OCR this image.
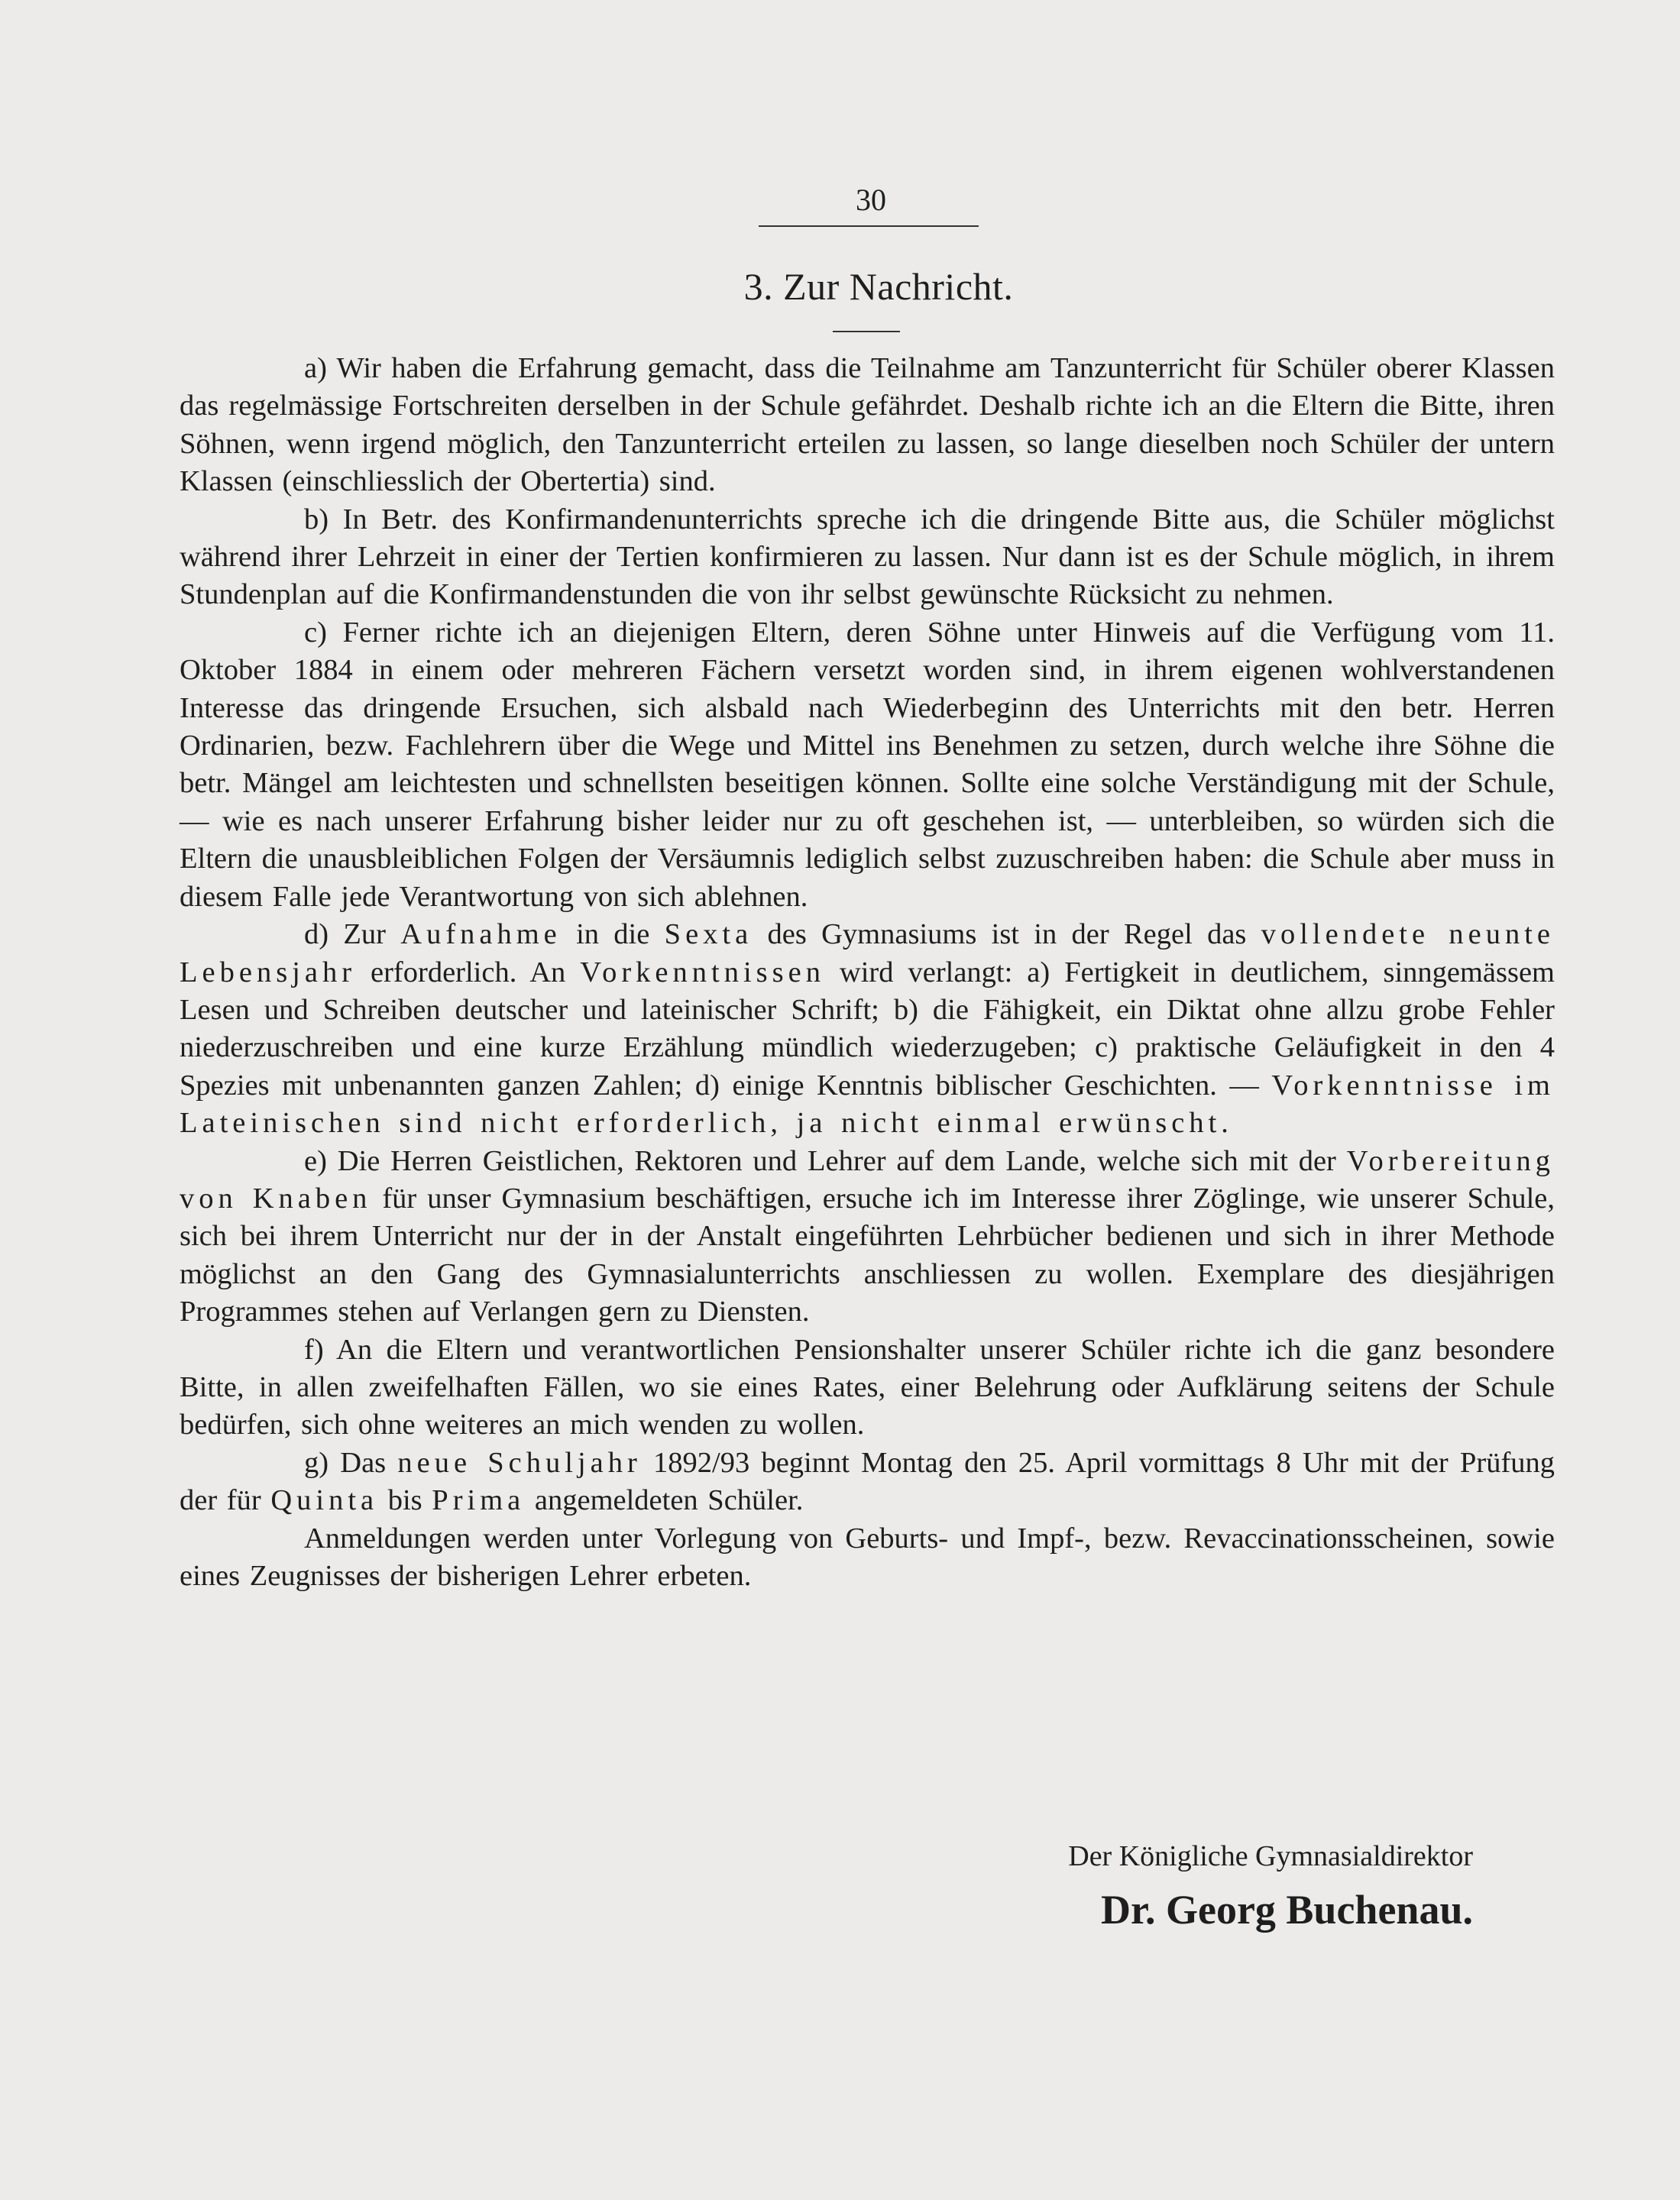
30
3. Zur Nachricht.

a) Wir haben die Erfahrung gemacht, dass die Teilnahme am Tanzunterricht für Schüler oberer Klassen das regelmässige Fortschreiten derselben in der Schule gefährdet. Deshalb richte ich an die Eltern die Bitte, ihren Söhnen, wenn irgend möglich, den Tanzunterricht erteilen zu lassen, so lange dieselben noch Schüler der untern Klassen (einschliesslich der Obertertia) sind.

b) In Betr. des Konfirmandenunterrichts spreche ich die dringende Bitte aus, die Schüler möglichst während ihrer Lehrzeit in einer der Tertien konfirmieren zu lassen. Nur dann ist es der Schule möglich, in ihrem Stundenplan auf die Konfirmandenstunden die von ihr selbst gewünschte Rücksicht zu nehmen.

c) Ferner richte ich an diejenigen Eltern, deren Söhne unter Hinweis auf die Verfügung vom 11. Oktober 1884 in einem oder mehreren Fächern versetzt worden sind, in ihrem eigenen wohlverstandenen Interesse das dringende Ersuchen, sich alsbald nach Wiederbeginn des Unterrichts mit den betr. Herren Ordinarien, bezw. Fachlehrern über die Wege und Mittel ins Benehmen zu setzen, durch welche ihre Söhne die betr. Mängel am leichtesten und schnellsten beseitigen können. Sollte eine solche Verständigung mit der Schule, — wie es nach unserer Erfahrung bisher leider nur zu oft geschehen ist, — unterbleiben, so würden sich die Eltern die unausbleiblichen Folgen der Versäumnis lediglich selbst zuzuschreiben haben: die Schule aber muss in diesem Falle jede Verantwortung von sich ablehnen.

d) Zur Aufnahme in die Sexta des Gymnasiums ist in der Regel das vollendete neunte Lebensjahr erforderlich. An Vorkenntnissen wird verlangt: a) Fertigkeit in deutlichem, sinngemässem Lesen und Schreiben deutscher und lateinischer Schrift; b) die Fähigkeit, ein Diktat ohne allzu grobe Fehler niederzuschreiben und eine kurze Erzählung mündlich wiederzugeben; c) praktische Geläufigkeit in den 4 Spezies mit unbenannten ganzen Zahlen; d) einige Kenntnis biblischer Geschichten. — Vorkenntnisse im Lateinischen sind nicht erforderlich, ja nicht einmal erwünscht.

e) Die Herren Geistlichen, Rektoren und Lehrer auf dem Lande, welche sich mit der Vorbereitung von Knaben für unser Gymnasium beschäftigen, ersuche ich im Interesse ihrer Zöglinge, wie unserer Schule, sich bei ihrem Unterricht nur der in der Anstalt eingeführten Lehrbücher bedienen und sich in ihrer Methode möglichst an den Gang des Gymnasialunterrichts anschliessen zu wollen. Exemplare des diesjährigen Programmes stehen auf Verlangen gern zu Diensten.

f) An die Eltern und verantwortlichen Pensionshalter unserer Schüler richte ich die ganz besondere Bitte, in allen zweifelhaften Fällen, wo sie eines Rates, einer Belehrung oder Aufklärung seitens der Schule bedürfen, sich ohne weiteres an mich wenden zu wollen.

g) Das neue Schuljahr 1892/93 beginnt Montag den 25. April vormittags 8 Uhr mit der Prüfung der für Quinta bis Prima angemeldeten Schüler.

Anmeldungen werden unter Vorlegung von Geburts- und Impf-, bezw. Revaccinationsscheinen, sowie eines Zeugnisses der bisherigen Lehrer erbeten.

Der Königliche Gymnasialdirektor
Dr. Georg Buchenau.
